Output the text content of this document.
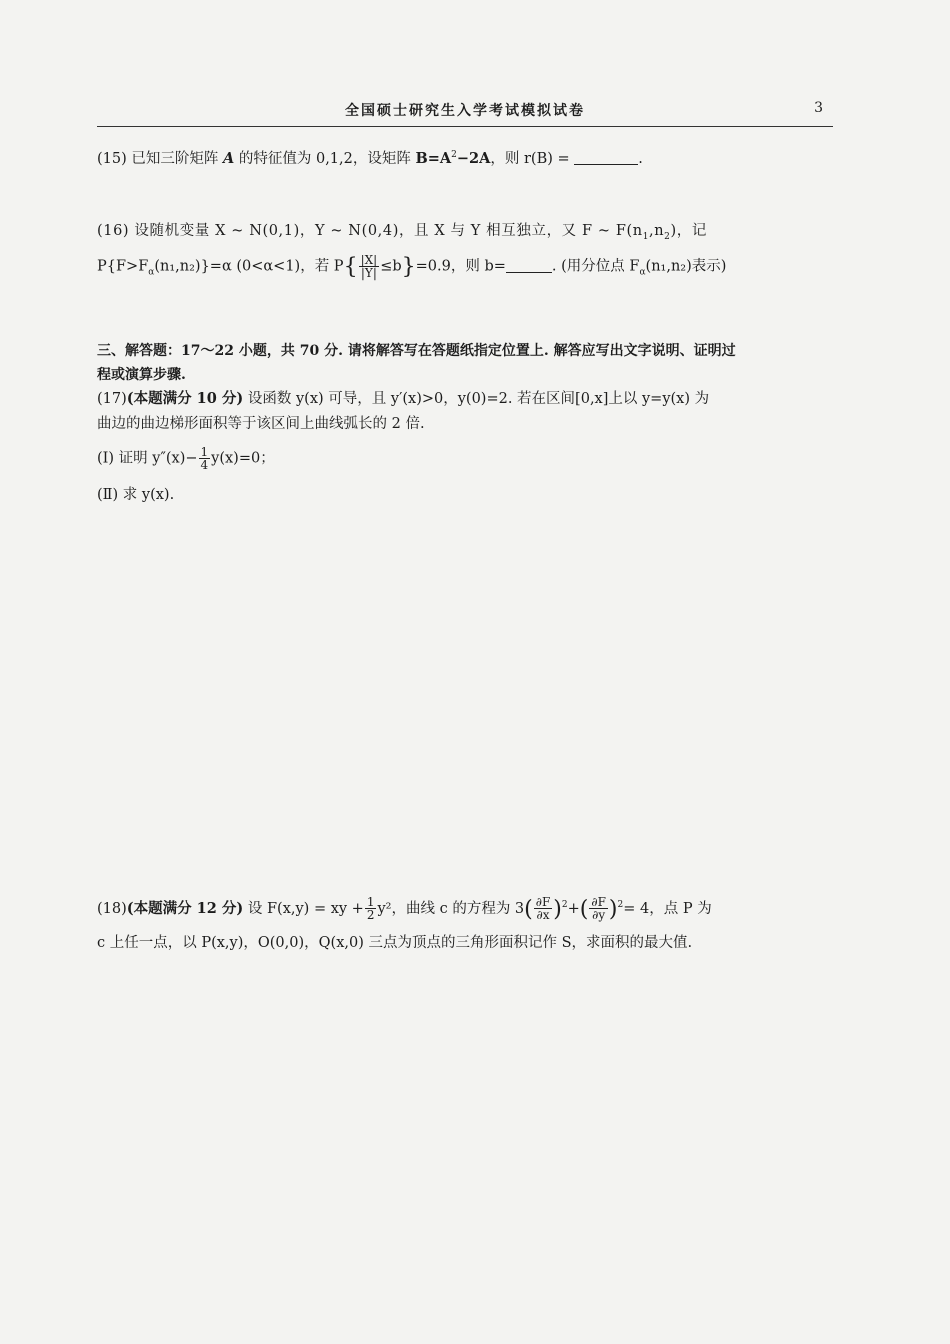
全国硕士研究生入学考试模拟试卷	3
(15) 已知三阶矩阵 A 的特征值为 0,1,2，设矩阵 $B=A^2-2A$，则 r(B) =	.
(16) 设随机变量 X ~ N(0,1)，Y ~ N(0,4)，且 X 与 Y 相互独立，又 F ~ $F(n_1,n_2)$，记
$P\{F>F_\alpha(n_1,n_2)\}=\alpha$ (0<α<1)，若 $P\{ \frac{|X|}{|Y|} \le b\}=0.9$，则 b=	. (用分位点 $F_\alpha(n_1,n_2)$表示)
三、解答题：17～22 小题，共 70 分. 请将解答写在答题纸指定位置上. 解答应写出文字说明、证明过
程或演算步骤.
(17)(本题满分 10 分) 设函数 y(x) 可导，且 y′(x)>0，y(0)=2. 若在区间[0,x]上以 y=y(x) 为
曲边的曲边梯形面积等于该区间上曲线弧长的 2 倍.
(Ⅰ) 证明 $y''(x)- \frac{1}{4} y(x)=0$；
(Ⅱ) 求 y(x).
(18)(本题满分 12 分) 设 F(x,y) = xy + $\frac{1}{2} y^2$，曲线 c 的方程为 $3( \frac{\partial F}{\partial x} )^2+( \frac{\partial F}{\partial y} )^2= 4$，点 P 为
c 上任一点，以 P(x,y)，O(0,0)，Q(x,0) 三点为顶点的三角形面积记作 S，求面积的最大值.
